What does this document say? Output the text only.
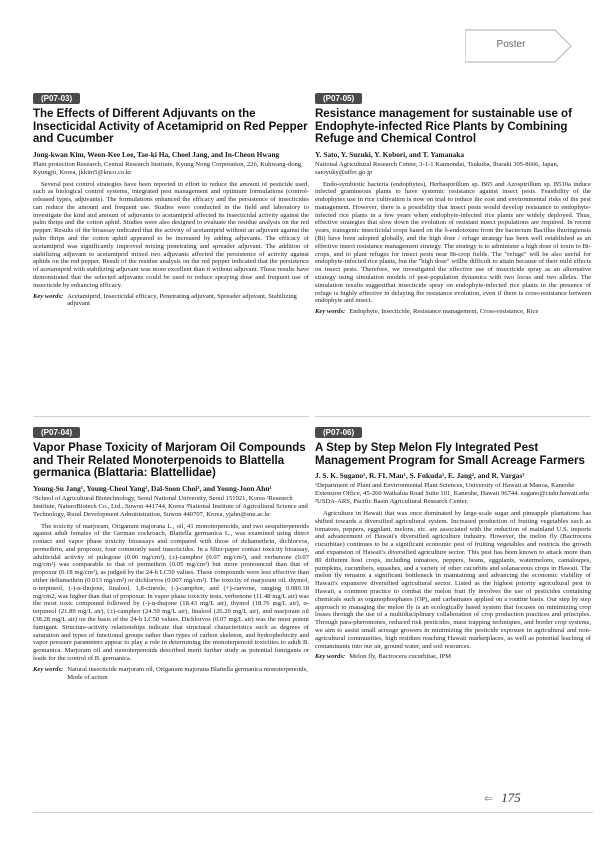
Poster
(P07-03)
The Effects of Different Adjuvants on the Insecticidal Activity of Acetamiprid on Red Pepper and Cucumber
Jong-kwan Kim, Weon-Kee Lee, Tae-ki Ha, Choel Jang, and In-Cheon Hwang
Plant protection Research, Central Research Institute, Kyung Nong Corporation, 226, Kuhwang-dong, Kyungju, Korea, jkkim5@knco.co.kr
Several pest control strategies have been reported in effort to reduce the amount of pesticide used, such as biological control systems, integrated pest management and optimum formulations (control-released types, adjuvants). The formulations enhanced the efficacy and the persistence of insecticides can reduce the amount and frequent use. Studies were conducted in the field and laboratory to investigate the kind and amount of adjuvants to acetamiprid affected its insecticidal activity against the palm thrips and the cotton aphid. Studies were also designed to evaluate the residue analysis on the red pepper. Results of the bioassay indicated that the activity of acetamiprid without an adjuvant against the palm thrips and the cotton aphid appeared to be increased by adding adjuvants. The efficacy of acetamiprid was significantly improved mixing penetrating and spreader adjuvant. The addition of stabilizing adjuvant to acetamiprid mixed two adjuvants affected the persistence of activity against aphids on the red pepper. Result of the residue analysis on the red pepper indicated that the persistence of acetamiprid with stabilizing adjuvant was more excellent than it without adjuvant. These results have demonstrated that the selected adjuvants could be used to reduce spraying dose and frequent use of insecticide by enhancing efficacy.
Key words: Acetamiprid, Insecticidal efficacy, Penetrating adjuvant, Spreader adjuvant, Stabilizing adjuvant
(P07-04)
Vapor Phase Toxicity of Marjoram Oil Compounds and Their Related Monoterpenoids to Blattella germanica (Blattaria: Blattellidae)
Young-Su Jang¹, Young-Cheol Yang², Dal-Soon Choi³, and Young-Joon Ahn¹
¹School of Agricultural Biotechnology, Seoul National University, Seoul 151921, Korea ²Research Institute, NaturoBiotech Co., Ltd., Suwon 441744, Korea ³National Institute of Agricultural Science and Technology, Rural Development Administration, Suwon 440707, Korea, yjahn@snu.ac.kr
The toxicity of marjoram, Origanum majorana L., oil, 41 monoterpenoids, and two sesquiterpenoids against adult females of the German cockroach, Blattella germanica L., was examined using direct contact and vapor phase toxicity bioassays and compared with those of deltamethrin, dichlorvos, permethrin, and propoxur, four commonly used insecticides. In a filter-paper contact toxicity bioassay, adulticidal activity of pulegone (0.06 mg/cm²), (±)-camphor (0.07 mg/cm²), and verbenone (0.07 mg/cm²) was comparable to that of permethrin (0.05 mg/cm²) but more pronounced than that of propoxur (0.18 mg/cm²), as judged by the 24-h LC50 values. These compounds were less effective than either deltamethrin (0.013 mg/cm²) or dichlorvos (0.007 mg/cm²). The toxicity of marjoram oil, thymol, α-terpineol, (-)-α-thujone, linalool, 1,8-cineole, (-)-camphor, and (+)-carvone, ranging 0.080.18 mg/cm2, was higher than that of propoxur. In vapor phase toxicity tests, verbenone (11.48 mg/L air) was the most toxic compound followed by (-)-α-thujone (18.43 mg/L air), thymol (18.76 mg/L air), α-terpineol (21.89 mg/L air), (±)-camphor (24.59 mg/L air), linalool (26.20 mg/L air), and marjoram oil (38.28 mg/L air) on the basis of the 24-h LC50 values. Dichlorvos (0.07 mg/L air) was the most potent fumigant. Structure-activity relationships indicate that structural characteristics such as degrees of saturation and types of functional groups rather than types of carbon skeleton, and hydrophobicity and vapor pressure parameters appear to play a role in determining the monoterpenoid toxicities to adult B. germanica. Marjoram oil and monoterpenoids described merit further study as potential fumigants or leads for the control of B. germanica.
Key words: Natural insecticide marjoram oil, Origanum majorana Blattella germanica monoterpenoids, Mode of action
(P07-05)
Resistance management for sustainable use of Endophyte-infected Rice Plants by Combining Refuge and Chemical Control
Y. Sato, Y. Suzuki, Y. Kobori, and T. Yamanaka
National Agricultural Research Center, 3-1-1 Kannondai, Tsukuba, Ibaraki 305-8666, Japan, satoyuky@affrc.go.jp
Endo-symbiotic bacteria (endophytes), Herbaspirillum sp. B65 and Azospirillum sp. B510a induce infected gramineous plants to have systemic resistance against insect pests. Feasibility of the endophytes use in rice cultivation is now on trial to reduce the cost and environmental risks of the pest management. However, there is a possibility that insect pests would develop resistance to endophyte-infected rice plants in a few years when endophyte-infected rice plants are widely deployed. Thus, effective strategies that slow down the evolution of resistant insect populations are required. In recent years, transgenic insecticidal crops based on the δ-endotoxins from the bacterium Bacillus thuringiensis (Bt) have been adopted globally, and the high dose / refuge strategy has been well established as an effective insect resistance management strategy. The strategy is to administer a high dose of toxin to Bt-crops, and to plant refuges for insect pests near Bt-crop fields. The "refuge" will be also useful for endophyte-infected rice plants, but the "high dose" willbe difficult to attain because of their mild effects on insect pests. Therefore, we investigated the effective use of insecticide spray as an alternative strategy using simulation models of pest-population dynamics with two locus and two alleles. The simulation results suggestthat insecticide spray on endophyte-infected rice plants in the presence of refuge is highly effective in delaying the resistance evolution, even if there is cross-resistance between endophyte and insect.
Key words: Endophyte, Insecticide, Resistance management, Cross-resistance, Rice
(P07-06)
A Step by Step Melon Fly Integrated Pest Management Program for Small Acreage Farmers
J. S. K. Sugano¹, R. FL Mau¹, S. Fukuda¹, E. Jang², and R. Vargas²
¹Department of Plant and Environmental Plant Sciences, University of Hawaii at Manoa, Kaneohe Extension Office, 45-260 Waikalua Road Suite 101, Kaneohe, Hawaii 96744. sugano@ctahr.hawaii.edu ²USDA-ARS, Pacific Basin Agricultural Research Center.
Agriculture in Hawaii that was once dominated by large-scale sugar and pineapple plantations has shifted towards a diversified agricultural system. Increased production of fruiting vegetables such as tomatoes, peppers, eggplant, melons, etc. are associated with the reduction of mainland U.S. imports and advancement of Hawaii's diversified agriculture industry. However, the melon fly (Bactrocera cucurbitae) continues to be a significant economic pest of fruiting vegetables and restricts the growth and expansion of Hawaii's diversified agriculture sector. This pest has been known to attack more than 80 different host crops, including tomatoes, peppers, beans, eggplants, watermelons, cantaloupes, pumpkins, cucumbers, squashes, and a variety of other cucurbits and solanaceous crops in Hawaii. The melon fly remains a significant bottleneck in maintaining and advancing the economic viability of Hawaii's expansive diversified agricultural sector. Listed as the highest priority agricultural pest in Hawaii, a common practice to combat the melon fruit fly involves the use of pesticides containing chemicals such as organophosphates (OP), and carbamates applied on a routine basis. Our step by step approach to managing the melon fly is an ecologically based system that focuses on minimizing crop losses through the use of a multidisciplinary collaboration of crop production practices and principles. Through para-pheromones, reduced risk pesticides, mass trapping techniques, and border crop systems, we aim to assist small acreage growers in minimizing the pesticide exposure in agricultural and non-agricultural communities, high residues reaching Hawaii marketplaces, as well as potential leaching of contaminants into our air, ground water, and soil resources.
Key words: Melon fly, Bactrocera cucurbitae, IPM
⇐ 175
